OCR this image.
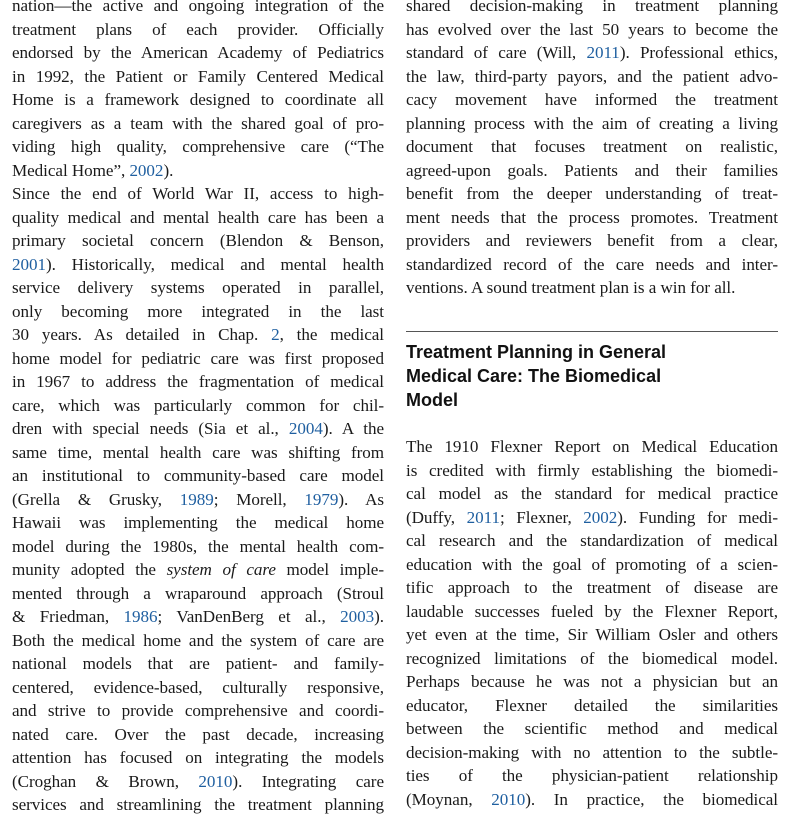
nation—the active and ongoing integration of the
treatment plans of each provider. Officially
endorsed by the American Academy of Pediatrics
in 1992, the Patient or Family Centered Medical
Home is a framework designed to coordinate all
caregivers as a team with the shared goal of pro-
viding high quality, comprehensive care (“The
Medical Home”, 2002).
Since the end of World War II, access to high-
quality medical and mental health care has been a
primary societal concern (Blendon & Benson,
2001). Historically, medical and mental health
service delivery systems operated in parallel,
only becoming more integrated in the last
30 years. As detailed in Chap. 2, the medical
home model for pediatric care was first proposed
in 1967 to address the fragmentation of medical
care, which was particularly common for chil-
dren with special needs (Sia et al., 2004). A the
same time, mental health care was shifting from
an institutional to community-based care model
(Grella & Grusky, 1989; Morell, 1979). As
Hawaii was implementing the medical home
model during the 1980s, the mental health com-
munity adopted the system of care model imple-
mented through a wraparound approach (Stroul
& Friedman, 1986; VanDenBerg et al., 2003).
Both the medical home and the system of care are
national models that are patient- and family-
centered, evidence-based, culturally responsive,
and strive to provide comprehensive and coordi-
nated care. Over the past decade, increasing
attention has focused on integrating the models
(Croghan & Brown, 2010). Integrating care
services and streamlining the treatment planning
shared decision-making in treatment planning
has evolved over the last 50 years to become the
standard of care (Will, 2011). Professional ethics,
the law, third-party payors, and the patient advo-
cacy movement have informed the treatment
planning process with the aim of creating a living
document that focuses treatment on realistic,
agreed-upon goals. Patients and their families
benefit from the deeper understanding of treat-
ment needs that the process promotes. Treatment
providers and reviewers benefit from a clear,
standardized record of the care needs and inter-
ventions. A sound treatment plan is a win for all.
The 1910 Flexner Report on Medical Education
is credited with firmly establishing the biomedi-
cal model as the standard for medical practice
(Duffy, 2011; Flexner, 2002). Funding for medi-
cal research and the standardization of medical
education with the goal of promoting of a scien-
tific approach to the treatment of disease are
laudable successes fueled by the Flexner Report,
yet even at the time, Sir William Osler and others
recognized limitations of the biomedical model.
Perhaps because he was not a physician but an
educator, Flexner detailed the similarities
between the scientific method and medical
decision-making with no attention to the subtle-
ties of the physician-patient relationship
(Moynan, 2010). In practice, the biomedical
Treatment Planning in General
Medical Care: The Biomedical
Model
